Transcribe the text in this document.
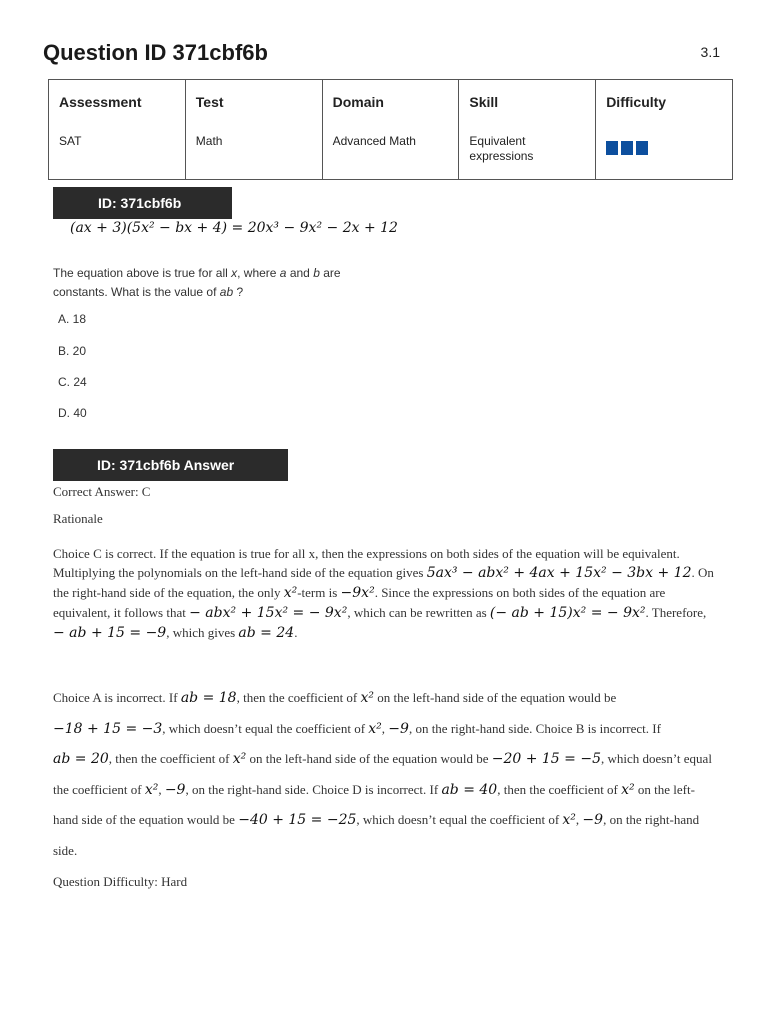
Question ID 371cbf6b	3.1
Assessment	Test	Domain	Skill	Difficulty
SAT	Math	Advanced Math	Equivalent expressions	
ID: 371cbf6b
(ax + 3)(5x² − bx + 4) = 20x³ − 9x² − 2x + 12

The equation above is true for all x, where a and b are constants. What is the value of ab ?

A. 18
B. 20
C. 24
D. 40
ID: 371cbf6b Answer
Correct Answer: C
Rationale

Choice C is correct. If the equation is true for all x, then the expressions on both sides of the equation will be equivalent. Multiplying the polynomials on the left-hand side of the equation gives 5ax³ − abx² + 4ax + 15x² − 3bx + 12. On the right-hand side of the equation, the only x²-term is −9x². Since the expressions on both sides of the equation are equivalent, it follows that − abx² + 15x² = − 9x², which can be rewritten as (− ab + 15)x² = − 9x². Therefore, − ab + 15 = −9, which gives ab = 24.

Choice A is incorrect. If ab = 18, then the coefficient of x² on the left-hand side of the equation would be −18 + 15 = −3, which doesn’t equal the coefficient of x², −9, on the right-hand side. Choice B is incorrect. If ab = 20, then the coefficient of x² on the left-hand side of the equation would be −20 + 15 = −5, which doesn’t equal the coefficient of x², −9, on the right-hand side. Choice D is incorrect. If ab = 40, then the coefficient of x² on the left-hand side of the equation would be −40 + 15 = −25, which doesn’t equal the coefficient of x², −9, on the right-hand side.

Question Difficulty: Hard
